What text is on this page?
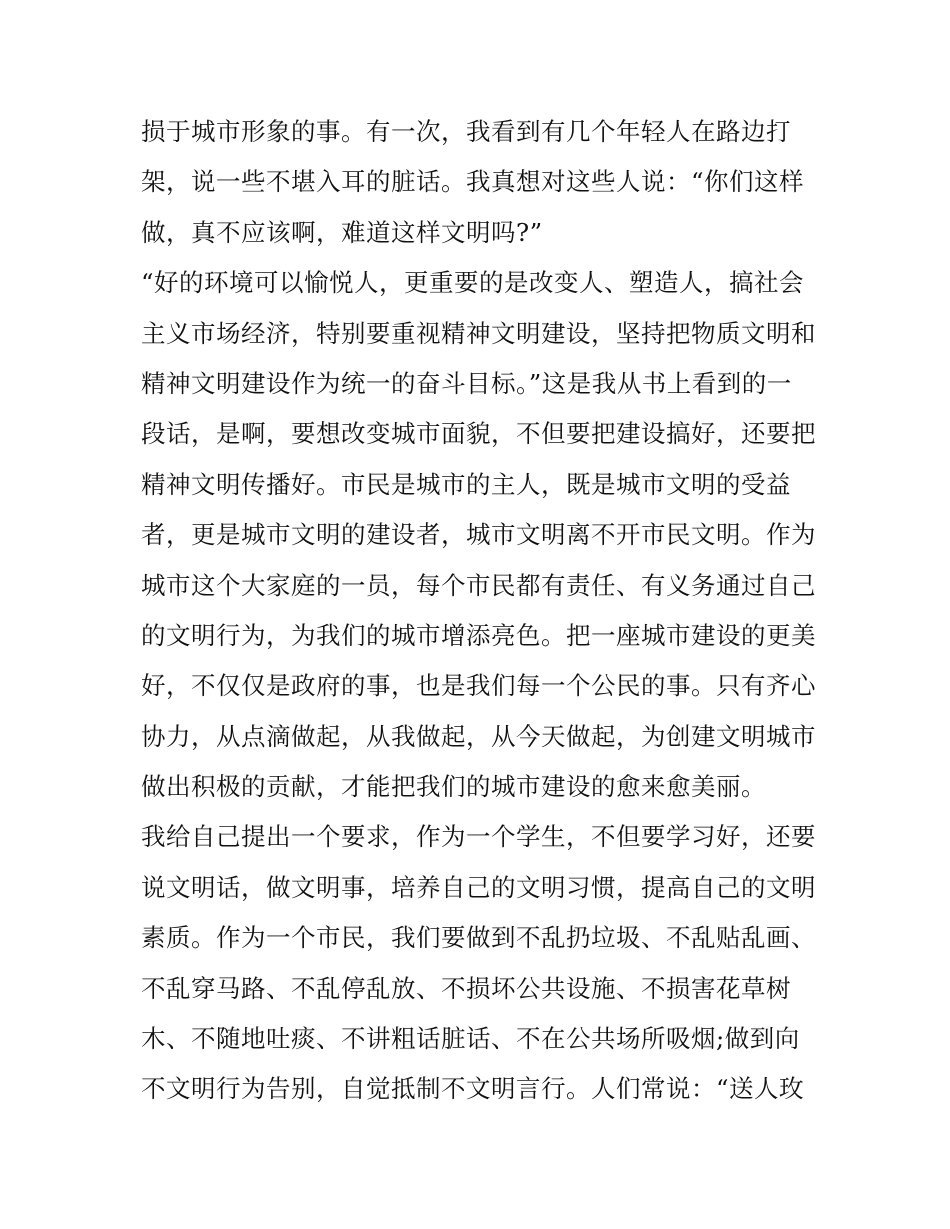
损于城市形象的事。有一次，我看到有几个年轻人在路边打
架，说一些不堪入耳的脏话。我真想对这些人说：“你们这样
做，真不应该啊，难道这样文明吗?”
“好的环境可以愉悦人，更重要的是改变人、塑造人，搞社会
主义市场经济，特别要重视精神文明建设，坚持把物质文明和
精神文明建设作为统一的奋斗目标。”这是我从书上看到的一
段话，是啊，要想改变城市面貌，不但要把建设搞好，还要把
精神文明传播好。市民是城市的主人，既是城市文明的受益
者，更是城市文明的建设者，城市文明离不开市民文明。作为
城市这个大家庭的一员，每个市民都有责任、有义务通过自己
的文明行为，为我们的城市增添亮色。把一座城市建设的更美
好，不仅仅是政府的事，也是我们每一个公民的事。只有齐心
协力，从点滴做起，从我做起，从今天做起，为创建文明城市
做出积极的贡献，才能把我们的城市建设的愈来愈美丽。
我给自己提出一个要求，作为一个学生，不但要学习好，还要
说文明话，做文明事，培养自己的文明习惯，提高自己的文明
素质。作为一个市民，我们要做到不乱扔垃圾、不乱贴乱画、
不乱穿马路、不乱停乱放、不损坏公共设施、不损害花草树
木、不随地吐痰、不讲粗话脏话、不在公共场所吸烟;做到向
不文明行为告别，自觉抵制不文明言行。人们常说：“送人玫
